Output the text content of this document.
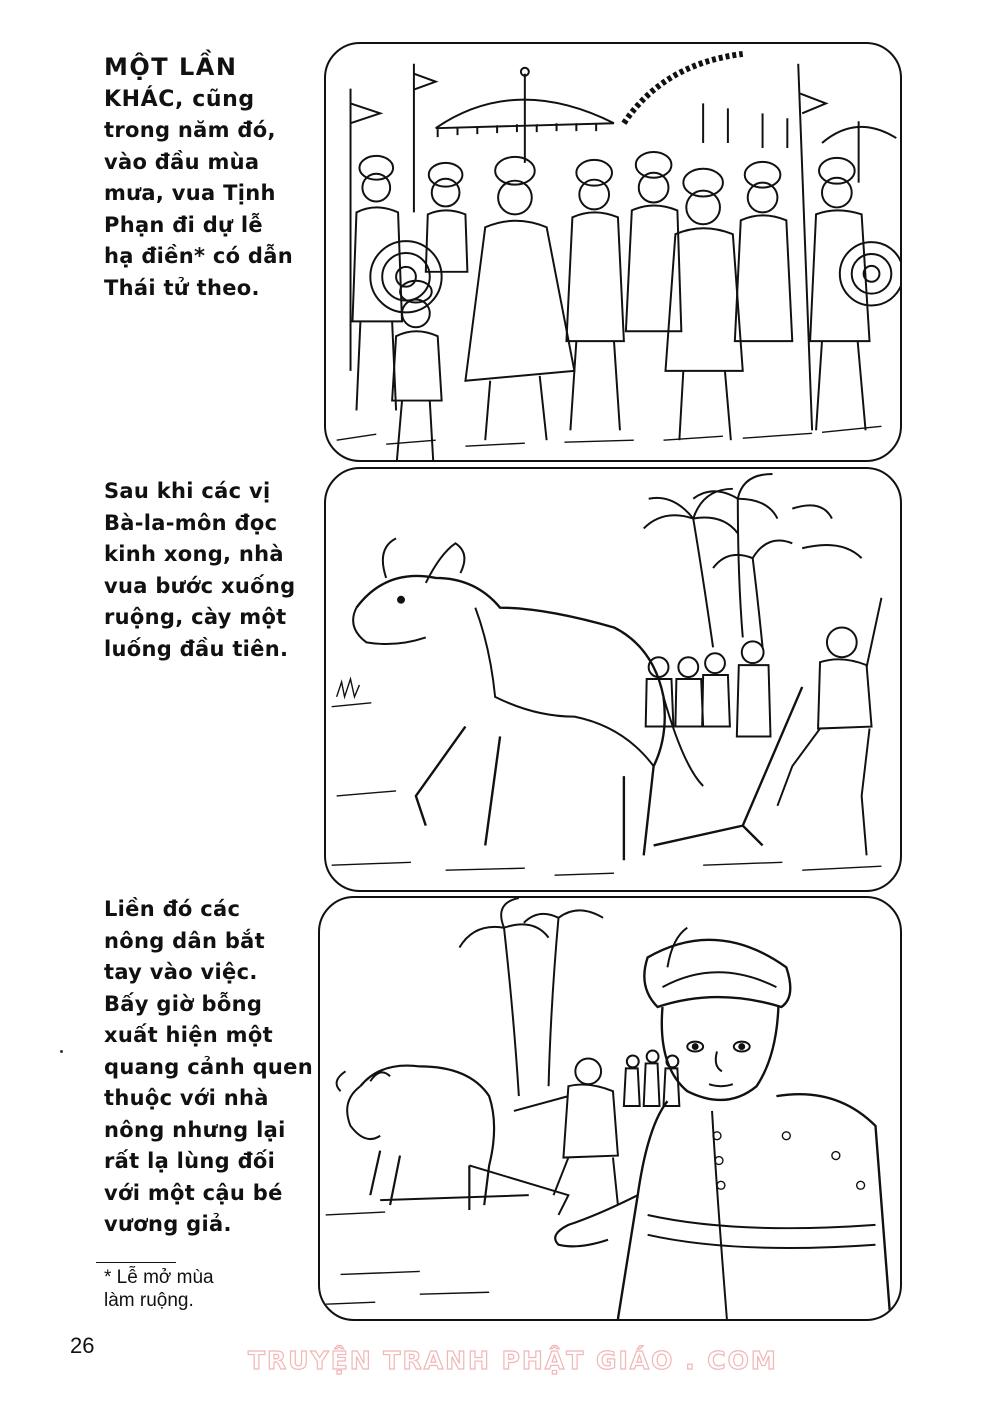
MỘT LẦN
KHÁC, cũng
trong năm đó,
vào đầu mùa
mưa, vua Tịnh
Phạn đi dự lễ
hạ điền* có dẫn
Thái tử theo.

Sau khi các vị
Bà-la-môn đọc
kinh xong, nhà
vua bước xuống
ruộng, cày một
luống đầu tiên.

Liền đó các
nông dân bắt
tay vào việc.
Bấy giờ bỗng
xuất hiện một
quang cảnh quen
thuộc với nhà
nông nhưng lại
rất lạ lùng đối
với một cậu bé
vương giả.

* Lễ mở mùa
làm ruộng.

26
TRUYỆN TRANH PHẬT GIÁO . COM
